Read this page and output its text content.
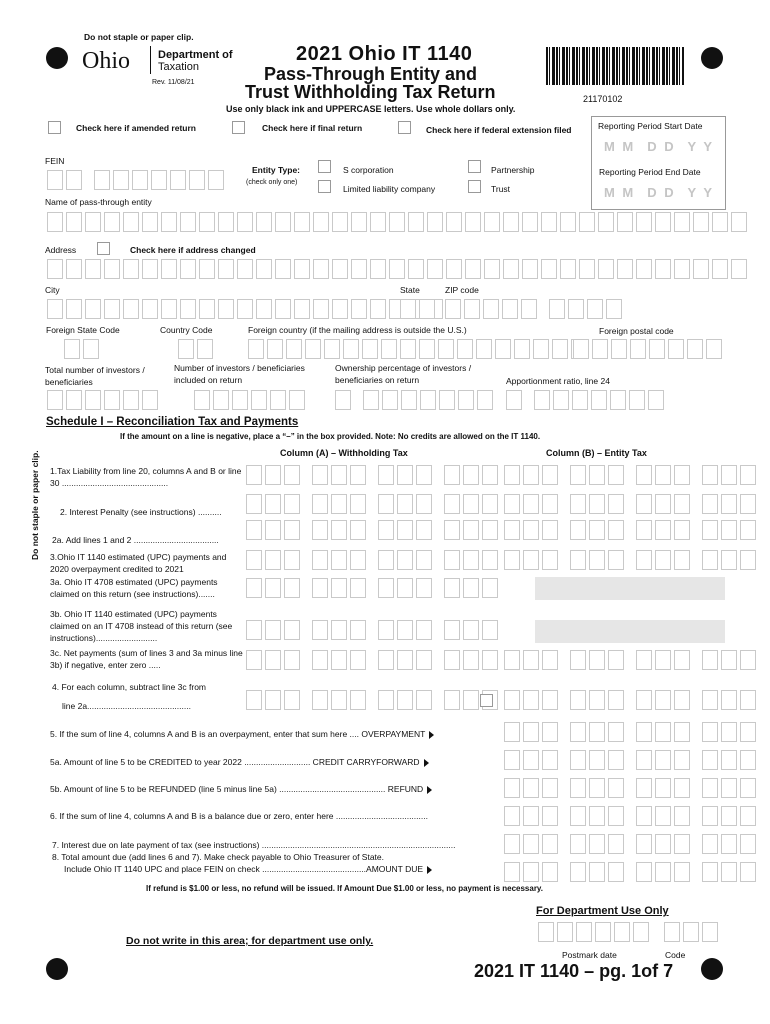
Do not staple or paper clip.
Ohio	Department of
Taxation
Rev. 11/08/21
2021 Ohio IT 1140
Pass-Through Entity and
Trust Withholding Tax Return	21170102
Use only black ink and UPPERCASE letters. Use whole dollars only.
Check here if amended return	Check here if final return	Check here if federal extension filed	Reporting Period Start Date
M M D D Y Y
Reporting Period End Date
M M D D Y Y
FEIN
Entity Type:
(check only one)
S corporation
Limited liability company
Partnership
Trust
Name of pass-through entity
Address	Check here if address changed
City	State	ZIP code
Foreign State Code	Country Code	Foreign country (if the mailing address is outside the U.S.)	Foreign postal code
Total number of investors / beneficiaries
Number of investors / beneficiaries included on return
Ownership percentage of investors / beneficiaries on return	Apportionment ratio, line 24
Do not staple or paper clip.
Schedule I – Reconciliation Tax and Payments
If the amount on a line is negative, place a “–” in the box provided. Note: No credits are allowed on the IT 1140.
Column (A) – Withholding Tax	Column (B) – Entity Tax
1.Tax Liability from line 20, columns A and B or line 30 .............................................
2. Interest Penalty (see instructions) ..........
2a. Add lines 1 and 2 ....................................
3.Ohio IT 1140 estimated (UPC) payments and 2020 overpayment credited to 2021
3a. Ohio IT 4708 estimated (UPC) payments claimed on this return (see instructions).......
3b. Ohio IT 1140 estimated (UPC) payments claimed on an IT 4708 instead of this return (see instructions)..........................
3c. Net payments (sum of lines 3 and 3a minus line 3b) if negative, enter zero .....
4. For each column, subtract line 3c from
line 2a............................................
5. If the sum of line 4, columns A and B is an overpayment, enter that sum here .... OVERPAYMENT
5a. Amount of line 5 to be CREDITED to year 2022 ............................ CREDIT CARRYFORWARD
5b. Amount of line 5 to be REFUNDED (line 5 minus line 5a) ............................................. REFUND
6. If the sum of line 4, columns A and B is a balance due or zero, enter here .......................................
7. Interest due on late payment of tax (see instructions) ..................................................................................
8. Total amount due (add lines 6 and 7). Make check payable to Ohio Treasurer of State.
Include Ohio IT 1140 UPC and place FEIN on check ............................................AMOUNT DUE
If refund is $1.00 or less, no refund will be issued. If Amount Due $1.00 or less, no payment is necessary.
For Department Use Only
Do not write in this area; for department use only.
Postmark date	Code
2021 IT 1140 – pg. 1of 7
